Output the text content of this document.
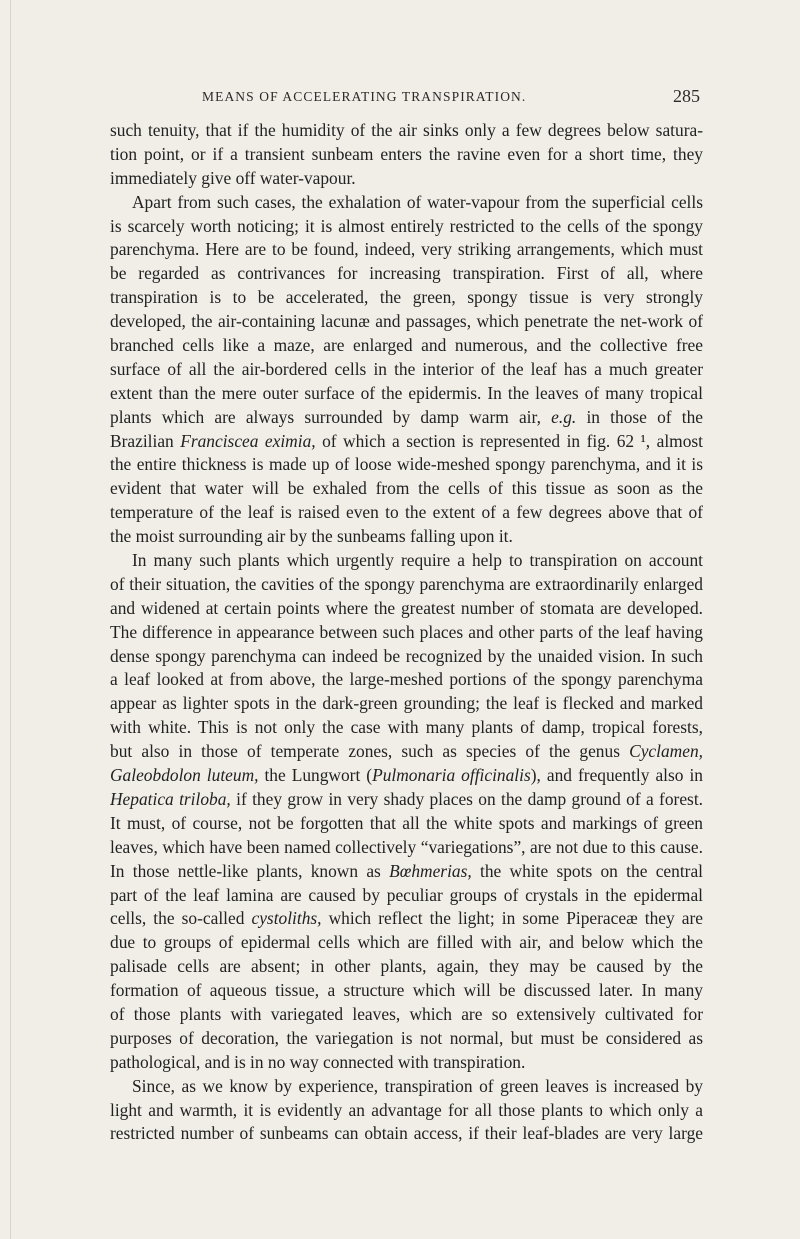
MEANS OF ACCELERATING TRANSPIRATION.	285
such tenuity, that if the humidity of the air sinks only a few degrees below satura-
tion point, or if a transient sunbeam enters the ravine even for a short time, they
immediately give off water-vapour.
Apart from such cases, the exhalation of water-vapour from the superficial cells
is scarcely worth noticing; it is almost entirely restricted to the cells of the spongy
parenchyma. Here are to be found, indeed, very striking arrangements, which must
be regarded as contrivances for increasing transpiration. First of all, where
transpiration is to be accelerated, the green, spongy tissue is very strongly
developed, the air-containing lacunæ and passages, which penetrate the net-work of
branched cells like a maze, are enlarged and numerous, and the collective free
surface of all the air-bordered cells in the interior of the leaf has a much greater
extent than the mere outer surface of the epidermis. In the leaves of many tropical
plants which are always surrounded by damp warm air, e.g. in those of the
Brazilian Franciscea eximia, of which a section is represented in fig. 62 ¹, almost
the entire thickness is made up of loose wide-meshed spongy parenchyma, and it is
evident that water will be exhaled from the cells of this tissue as soon as the
temperature of the leaf is raised even to the extent of a few degrees above that of
the moist surrounding air by the sunbeams falling upon it.
In many such plants which urgently require a help to transpiration on account
of their situation, the cavities of the spongy parenchyma are extraordinarily enlarged
and widened at certain points where the greatest number of stomata are developed.
The difference in appearance between such places and other parts of the leaf having
dense spongy parenchyma can indeed be recognized by the unaided vision. In such
a leaf looked at from above, the large-meshed portions of the spongy parenchyma
appear as lighter spots in the dark-green grounding; the leaf is flecked and marked
with white. This is not only the case with many plants of damp, tropical forests,
but also in those of temperate zones, such as species of the genus Cyclamen,
Galeobdolon luteum, the Lungwort (Pulmonaria officinalis), and frequently also in
Hepatica triloba, if they grow in very shady places on the damp ground of a forest.
It must, of course, not be forgotten that all the white spots and markings of green
leaves, which have been named collectively “variegations”, are not due to this cause.
In those nettle-like plants, known as Bœhmerias, the white spots on the central
part of the leaf lamina are caused by peculiar groups of crystals in the epidermal
cells, the so-called cystoliths, which reflect the light; in some Piperaceæ they are
due to groups of epidermal cells which are filled with air, and below which the
palisade cells are absent; in other plants, again, they may be caused by the
formation of aqueous tissue, a structure which will be discussed later. In many
of those plants with variegated leaves, which are so extensively cultivated for
purposes of decoration, the variegation is not normal, but must be considered as
pathological, and is in no way connected with transpiration.
Since, as we know by experience, transpiration of green leaves is increased by
light and warmth, it is evidently an advantage for all those plants to which only a
restricted number of sunbeams can obtain access, if their leaf-blades are very large
